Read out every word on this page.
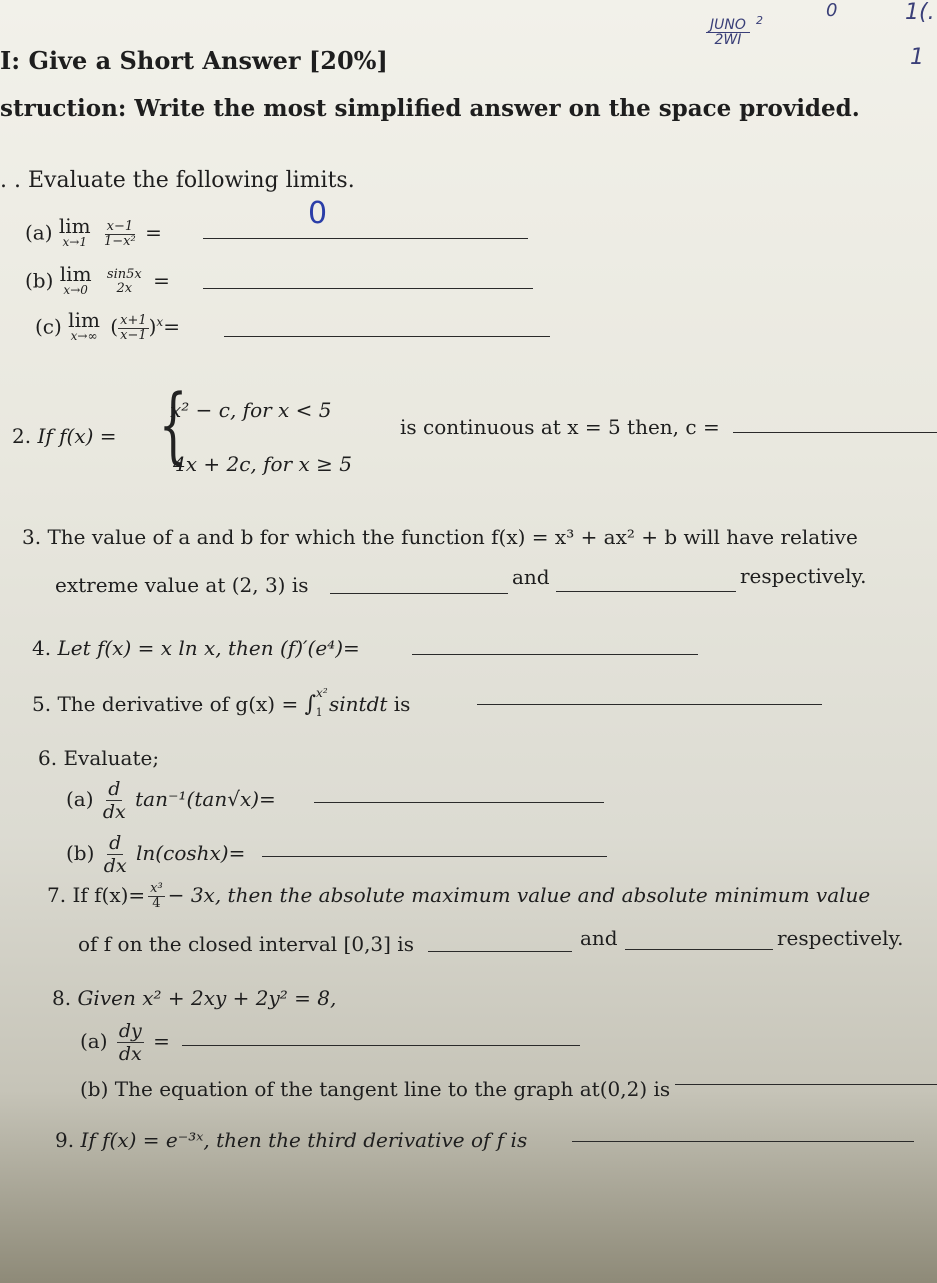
I: Give a Short Answer [20%]
struction: Write the most simplified answer on the space provided.
JUNO
2WI
2	0	1(.
1
. . Evaluate the following limits.
(a) lim
x→1
$\frac{x-1}{\text{1−x²}}$ =
0
(b) lim
x→0

sin5x
2x =
(c) lim
x→∞ ( $\frac{x+1}{x-1} )^x=$
2. If f(x) = {
x² − c, for x < 5
4x + 2c, for x ≥ 5
is continuous at x = 5 then, c =
3. The value of a and b for which the function f(x) = x³ + ax² + b will have relative
extreme value at (2, 3) is	and	respectively.
4. Let f(x) = x ln x, then (f)′(e⁴)=
5. The derivative of g(x) = ∫$^{x^2}_1$ sintdt is
6. Evaluate;
$(a) \frac{d}{dx} \tan^{-1}(\tan√x)=$
$(b) \frac{d}{dx} \ln(\cosh x)=$
7. If $f(x)= \frac{\text{x³}}{4} - 3x$, then the absolute maximum value and absolute minimum value
of f on the closed interval [0,3] is	and	respectively.
8. Given x² + 2xy + 2y² = 8,
$(a) \frac{dy}{dx}$ =
(b) The equation of the tangent line to the graph at(0,2) is
9. If f(x) = e⁻³ˣ, then the third derivative of f is
